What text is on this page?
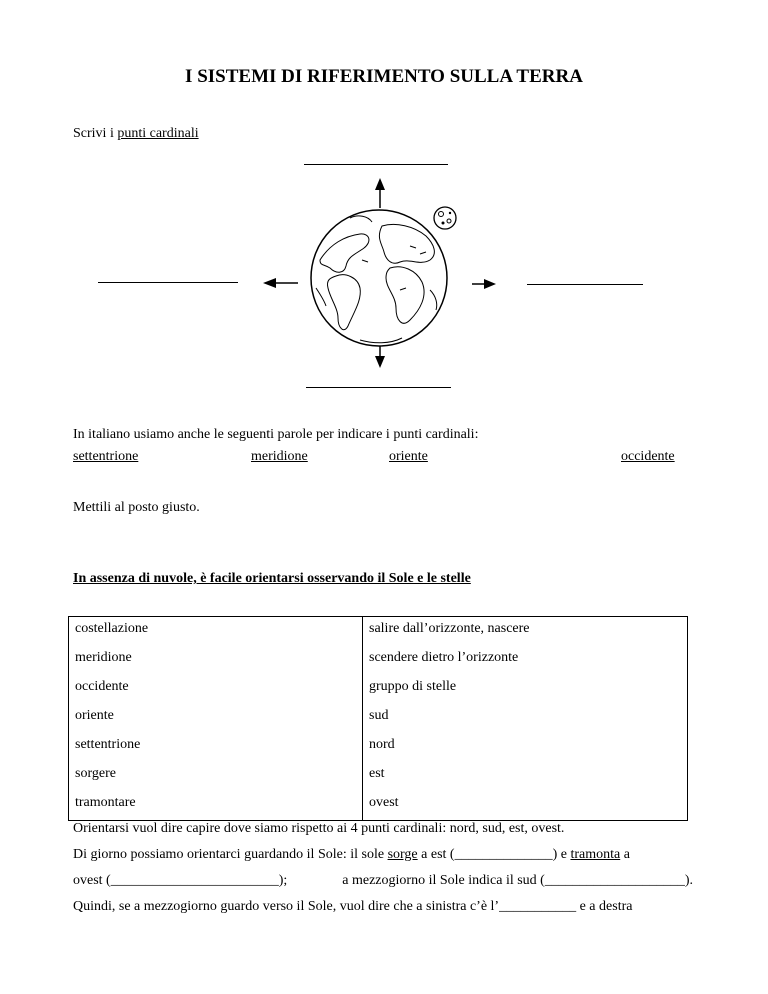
I SISTEMI DI RIFERIMENTO SULLA TERRA
Scrivi i punti cardinali
In italiano usiamo anche le seguenti parole per indicare i punti cardinali:
settentrione	meridione	oriente	occidente
Mettili al posto giusto.
In assenza di nuvole, è facile orientarsi osservando il Sole e le stelle
costellazione	salire dall’orizzonte, nascere
meridione	scendere dietro l’orizzonte
occidente	gruppo di stelle
oriente	sud
settentrione	nord
sorgere	est
tramontare	ovest
Orientarsi vuol dire capire dove siamo rispetto ai 4 punti cardinali: nord, sud, est, ovest.
Di giorno possiamo orientarci guardando il Sole: il sole sorge a est (______________) e tramonta a
ovest (________________________);	a mezzogiorno il Sole indica il sud (____________________).
Quindi, se a mezzogiorno guardo verso il Sole, vuol dire che a sinistra c’è l’___________ e a destra
